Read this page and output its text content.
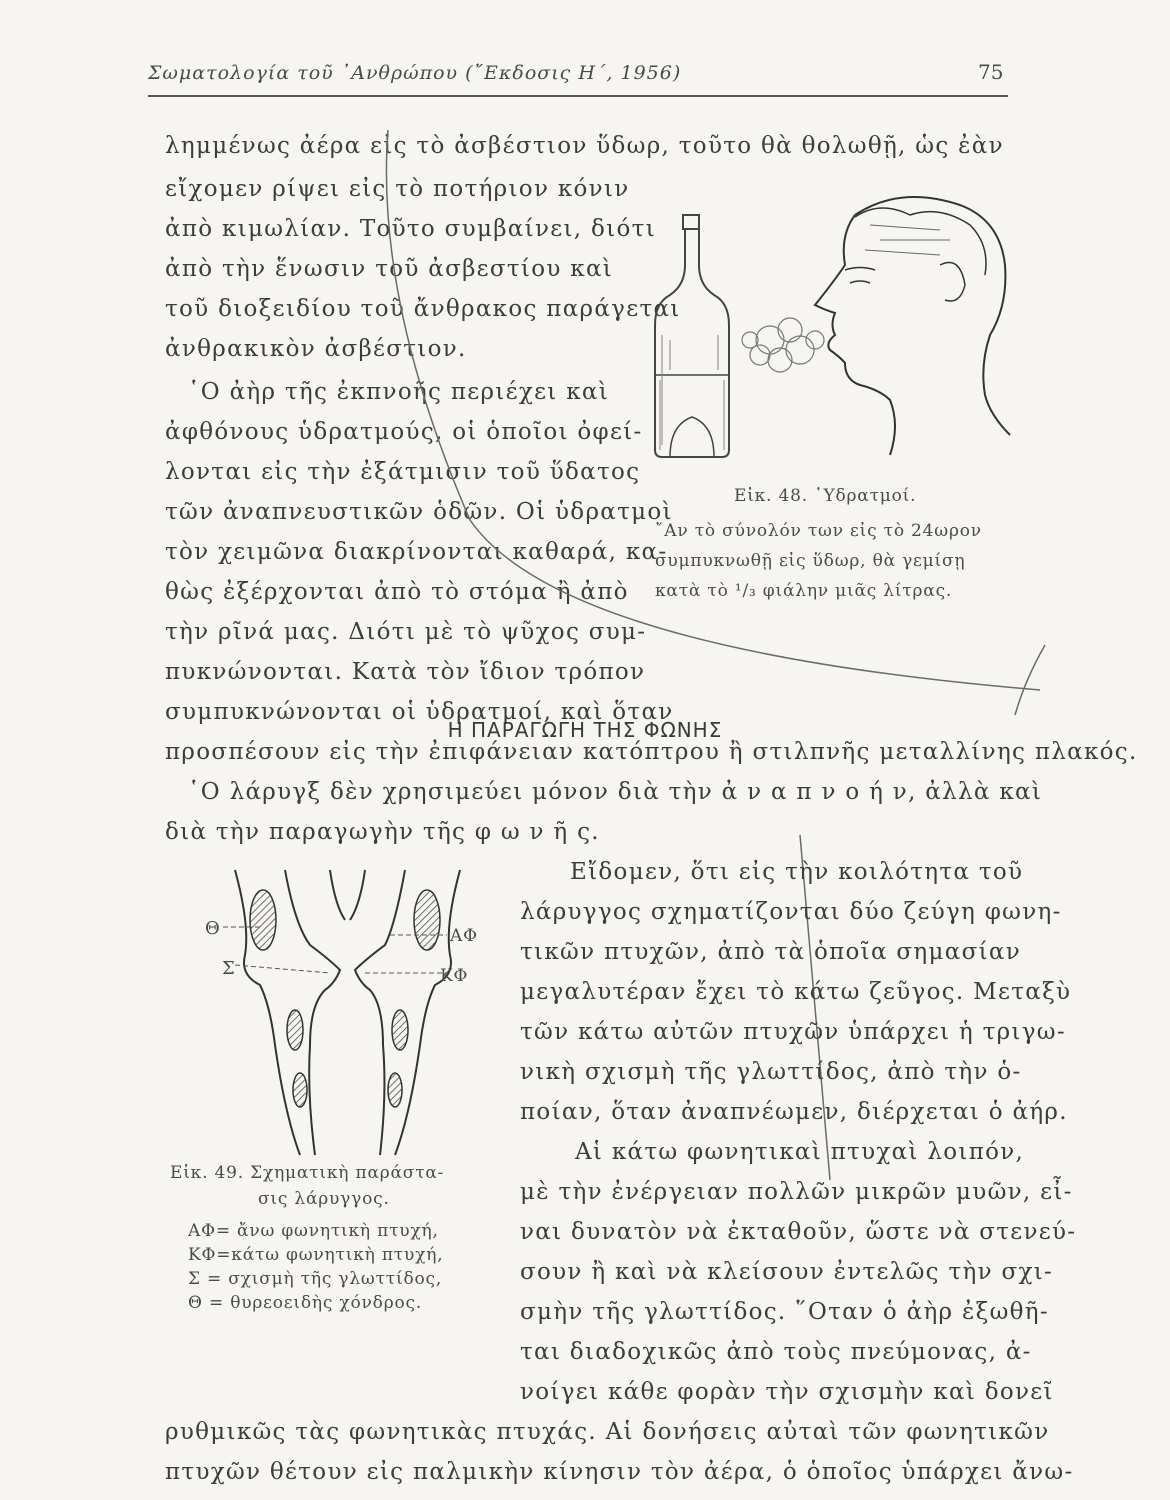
Σωματολογία τοῦ ᾿Ανθρώπου (῎Εκδοσις Η΄, 1956)	75
λημμένως ἀέρα εἰς τὸ ἀσβέστιον ὕδωρ, τοῦτο θὰ θολωθῇ, ὡς ἐὰν
εἴχομεν ρίψει εἰς τὸ ποτήριον κόνιν
ἀπὸ κιμωλίαν. Τοῦτο συμβαίνει, διότι
ἀπὸ τὴν ἕνωσιν τοῦ ἀσβεστίου καὶ
τοῦ διοξειδίου τοῦ ἄνθρακος παράγεται
ἀνθρακικὸν ἀσβέστιον.
῾Ο ἀὴρ τῆς ἐκπνοῆς περιέχει καὶ
ἀφθόνους ὑδρατμούς, οἱ ὁποῖοι ὀφεί-
λονται εἰς τὴν ἐξάτμισιν τοῦ ὕδατος
τῶν ἀναπνευστικῶν ὁδῶν. Οἱ ὑδρατμοὶ
τὸν χειμῶνα διακρίνονται καθαρά, κα-
θὼς ἐξέρχονται ἀπὸ τὸ στόμα ἢ ἀπὸ
τὴν ρῖνά μας. Διότι μὲ τὸ ψῦχος συμ-
πυκνώνονται. Κατὰ τὸν ἴδιον τρόπον
συμπυκνώνονται οἱ ὑδρατμοί, καὶ ὅταν
προσπέσουν εἰς τὴν ἐπιφάνειαν κατόπτρου ἢ στιλπνῆς μεταλλίνης πλακός.
Εἰκ. 48. ῾Υδρατμοί.
῎Αν τὸ σύνολόν των εἰς τὸ 24ωρον
συμπυκνωθῇ εἰς ὕδωρ, θὰ γεμίσῃ
κατὰ τὸ ¹/₃ φιάλην μιᾶς λίτρας.
Η ΠΑΡΑΓΩΓΗ ΤΗΣ ΦΩΝΗΣ
῾Ο λάρυγξ δὲν χρησιμεύει μόνον διὰ τὴν ἀ ν α π ν ο ή ν, ἀλλὰ καὶ
διὰ τὴν παραγωγὴν τῆς φ ω ν ῆ ς.
Εἴδομεν, ὅτι εἰς τὴν κοιλότητα τοῦ
λάρυγγος σχηματίζονται δύο ζεύγη φωνη-
τικῶν πτυχῶν, ἀπὸ τὰ ὁποῖα σημασίαν
μεγαλυτέραν ἔχει τὸ κάτω ζεῦγος. Μεταξὺ
τῶν κάτω αὐτῶν πτυχῶν ὑπάρχει ἡ τριγω-
νικὴ σχισμὴ τῆς γλωττίδος, ἀπὸ τὴν ὁ-
ποίαν, ὅταν ἀναπνέωμεν, διέρχεται ὁ ἀήρ.
Αἱ κάτω φωνητικαὶ πτυχαὶ λοιπόν,
μὲ τὴν ἐνέργειαν πολλῶν μικρῶν μυῶν, εἶ-
ναι δυνατὸν νὰ ἐκταθοῦν, ὥστε νὰ στενεύ-
σουν ἢ καὶ νὰ κλείσουν ἐντελῶς τὴν σχι-
σμὴν τῆς γλωττίδος. ῞Οταν ὁ ἀὴρ ἐξωθῆ-
ται διαδοχικῶς ἀπὸ τοὺς πνεύμονας, ἀ-
νοίγει κάθε φορὰν τὴν σχισμὴν καὶ δονεῖ
ρυθμικῶς τὰς φωνητικὰς πτυχάς. Αἱ δονήσεις αὐταὶ τῶν φωνητικῶν
πτυχῶν θέτουν εἰς παλμικὴν κίνησιν τὸν ἀέρα, ὁ ὁποῖος ὑπάρχει ἄνω-
Θ
Σ
ΑΦ
ΚΦ
Εἰκ. 49. Σχηματικὴ παράστα-
σις λάρυγγος.
ΑΦ= ἄνω φωνητικὴ πτυχή,
ΚΦ=κάτω φωνητικὴ πτυχή,
Σ = σχισμὴ τῆς γλωττίδος,
Θ = θυρεοειδὴς χόνδρος.
